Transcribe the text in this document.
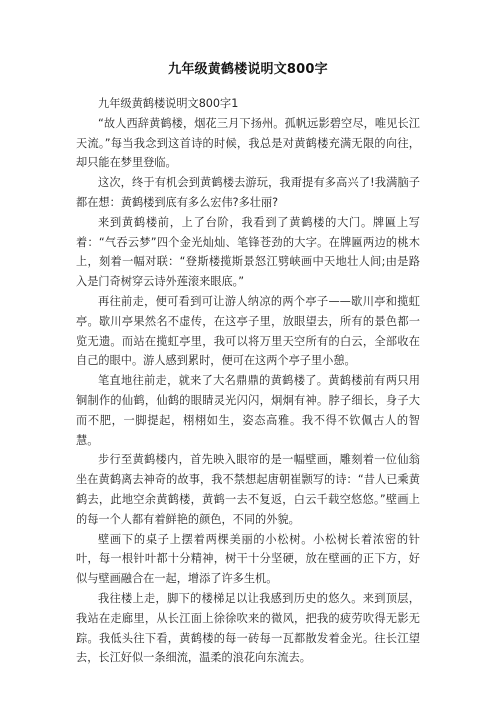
九年级黄鹤楼说明文800字

九年级黄鹤楼说明文800字1

“故人西辞黄鹤楼，烟花三月下扬州。孤帆远影碧空尽，唯见长江天流。”每当我念到这首诗的时候，我总是对黄鹤楼充满无限的向往，却只能在梦里登临。

这次，终于有机会到黄鹤楼去游玩，我甭提有多高兴了!我满脑子都在想：黄鹤楼到底有多么宏伟?多壮丽?

来到黄鹤楼前，上了台阶，我看到了黄鹤楼的大门。牌匾上写着：“气吞云梦”四个金光灿灿、笔锋苍劲的大字。在牌匾两边的桃木上，刻着一幅对联：“登斯楼揽斯景怒江劈峡画中天地壮人间;由是路入是门奇树穿云诗外莲滚来眼底。”

再往前走，便可看到可让游人纳凉的两个亭子——歇川亭和揽虹亭。歇川亭果然名不虚传，在这亭子里，放眼望去，所有的景色都一览无遗。而站在揽虹亭里，我可以将万里天空所有的白云，全部收在自己的眼中。游人感到累时，便可在这两个亭子里小憩。

笔直地往前走，就来了大名鼎鼎的黄鹤楼了。黄鹤楼前有两只用铜制作的仙鹤，仙鹤的眼睛灵光闪闪，炯炯有神。脖子细长，身子大而不肥，一脚提起，栩栩如生，姿态高雅。我不得不钦佩古人的智慧。

步行至黄鹤楼内，首先映入眼帘的是一幅壁画，雕刻着一位仙翁坐在黄鹤离去神奇的故事，我不禁想起唐朝崔颢写的诗：“昔人已乘黄鹤去，此地空余黄鹤楼，黄鹤一去不复返，白云千载空悠悠。”壁画上的每一个人都有着鲜艳的颜色，不同的外貌。

壁画下的桌子上摆着两棵美丽的小松树。小松树长着浓密的针叶，每一根针叶都十分精神，树干十分坚硬，放在壁画的正下方，好似与壁画融合在一起，增添了许多生机。

我往楼上走，脚下的楼梯足以让我感到历史的悠久。来到顶层，我站在走廊里，从长江面上徐徐吹来的微风，把我的疲劳吹得无影无踪。我低头往下看，黄鹤楼的每一砖每一瓦都散发着金光。往长江望去，长江好似一条细流，温柔的浪花向东流去。
